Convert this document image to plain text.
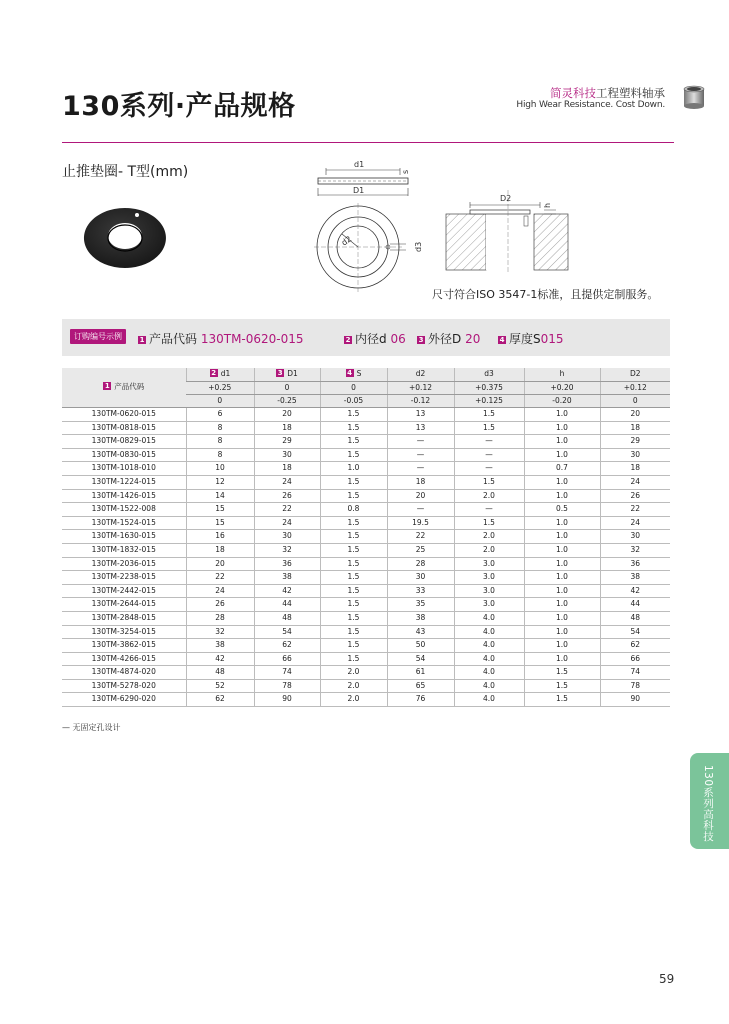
130系列·产品规格	简灵科技工程塑料轴承
High Wear Resistance. Cost Down.
止推垫圈- T型(mm)	d1
s
D1
d2	d3
D2
h
尺寸符合ISO 3547-1标准，且提供定制服务。
订购编号示例	1 产品代码 130TM-0620-015	2 内径d 06 3 外径D 20	4 厚度S015
1 产品代码	2 d1	3 D1	4 S	d2	d3	h	D2
	+0.25	0	0	+0.12	+0.375	+0.20	+0.12
	0	-0.25	-0.05	-0.12	+0.125	-0.20	0
130TM-0620-015	6	20	1.5	13	1.5	1.0	20
130TM-0818-015	8	18	1.5	13	1.5	1.0	18
130TM-0829-015	8	29	1.5	—	—	1.0	29
130TM-0830-015	8	30	1.5	—	—	1.0	30
130TM-1018-010	10	18	1.0	—	—	0.7	18
130TM-1224-015	12	24	1.5	18	1.5	1.0	24
130TM-1426-015	14	26	1.5	20	2.0	1.0	26
130TM-1522-008	15	22	0.8	—	—	0.5	22
130TM-1524-015	15	24	1.5	19.5	1.5	1.0	24
130TM-1630-015	16	30	1.5	22	2.0	1.0	30
130TM-1832-015	18	32	1.5	25	2.0	1.0	32
130TM-2036-015	20	36	1.5	28	3.0	1.0	36
130TM-2238-015	22	38	1.5	30	3.0	1.0	38
130TM-2442-015	24	42	1.5	33	3.0	1.0	42
130TM-2644-015	26	44	1.5	35	3.0	1.0	44
130TM-2848-015	28	48	1.5	38	4.0	1.0	48
130TM-3254-015	32	54	1.5	43	4.0	1.0	54
130TM-3862-015	38	62	1.5	50	4.0	1.0	62
130TM-4266-015	42	66	1.5	54	4.0	1.0	66
130TM-4874-020	48	74	2.0	61	4.0	1.5	74
130TM-5278-020	52	78	2.0	65	4.0	1.5	78
130TM-6290-020	62	90	2.0	76	4.0	1.5	90
— 无固定孔设计
130系列高科技
59
